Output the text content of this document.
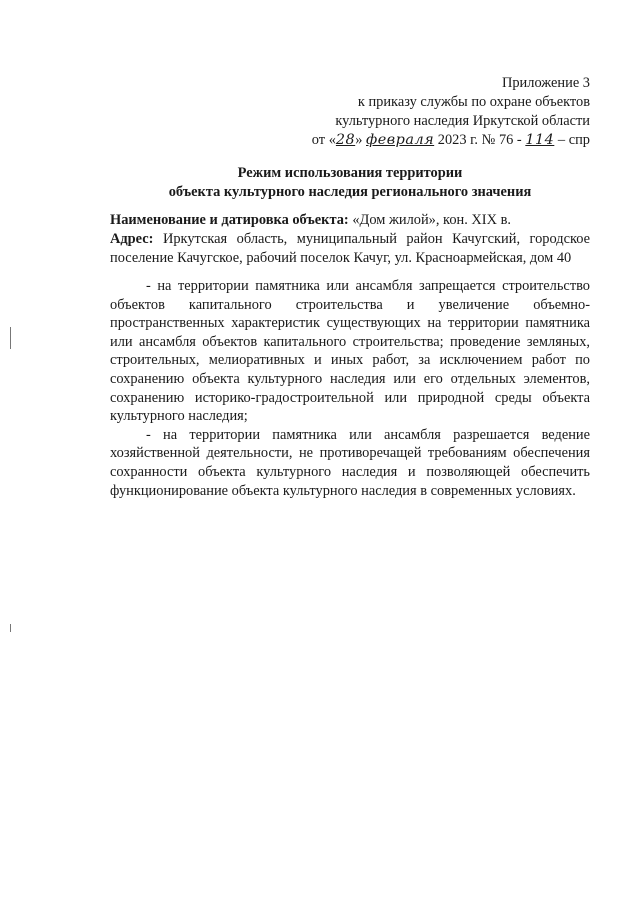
Приложение 3
к приказу службы по охране объектов
культурного наследия Иркутской области
от «28» февраля 2023 г. № 76 - 114 – спр
Режим использования территории
объекта культурного наследия регионального значения

Наименование и датировка объекта: «Дом жилой», кон. XIX в.

Адрес: Иркутская область, муниципальный район Качугский, городское поселение Качугское, рабочий поселок Качуг, ул. Красноармейская, дом 40

- на территории памятника или ансамбля запрещается строительство объектов капитального строительства и увеличение объемно-пространственных характеристик существующих на территории памятника или ансамбля объектов капитального строительства; проведение земляных, строительных, мелиоративных и иных работ, за исключением работ по сохранению объекта культурного наследия или его отдельных элементов, сохранению историко-градостроительной или природной среды объекта культурного наследия;

- на территории памятника или ансамбля разрешается ведение хозяйственной деятельности, не противоречащей требованиям обеспечения сохранности объекта культурного наследия и позволяющей обеспечить функционирование объекта культурного наследия в современных условиях.
